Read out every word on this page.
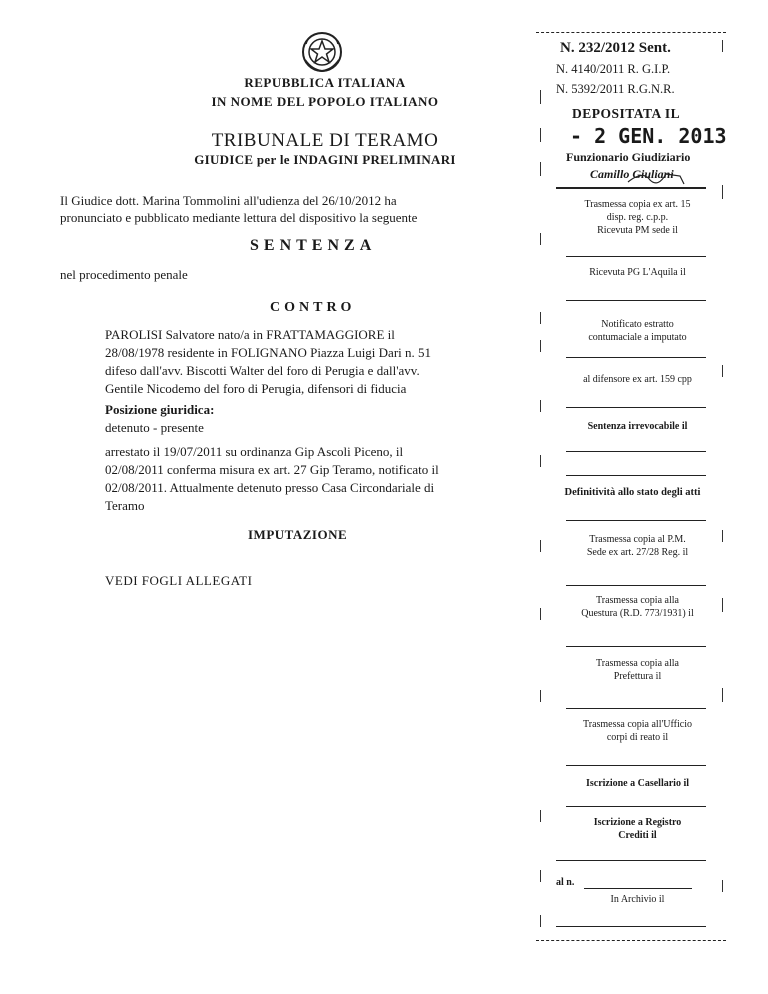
REPUBBLICA ITALIANA
IN NOME DEL POPOLO ITALIANO
TRIBUNALE DI TERAMO
GIUDICE per le INDAGINI PRELIMINARI
Il Giudice dott. Marina Tommolini all'udienza del 26/10/2012 ha
pronunciato e pubblicato mediante lettura del dispositivo la seguente
SENTENZA
nel procedimento penale
CONTRO
PAROLISI Salvatore nato/a in FRATTAMAGGIORE il
28/08/1978 residente in FOLIGNANO Piazza Luigi Dari n. 51
difeso dall'avv. Biscotti Walter del foro di Perugia e dall'avv.
Gentile Nicodemo del foro di Perugia, difensori di fiducia
Posizione giuridica:
detenuto - presente
arrestato il 19/07/2011 su ordinanza Gip Ascoli Piceno, il
02/08/2011 conferma misura ex art. 27 Gip Teramo, notificato il
02/08/2011. Attualmente detenuto presso Casa Circondariale di
Teramo
IMPUTAZIONE
VEDI FOGLI ALLEGATI
N. 232/2012 Sent.
N. 4140/2011 R. G.I.P.
N. 5392/2011 R.G.N.R.
DEPOSITATA IL
- 2 GEN. 2013
Funzionario Giudiziario
Camillo Giuliani
Trasmessa copia ex art. 15
disp. reg. c.p.p.
Ricevuta PM sede il
Ricevuta PG L'Aquila il
Notificato estratto
contumaciale a imputato
al difensore ex art. 159 cpp
Sentenza irrevocabile il
Definitività allo stato degli atti
Trasmessa copia al P.M.
Sede ex art. 27/28 Reg. il
Trasmessa copia alla
Questura (R.D. 773/1931) il
Trasmessa copia alla
Prefettura il
Trasmessa copia all'Ufficio
corpi di reato il
Iscrizione a Casellario il
Iscrizione a Registro
Crediti il
al n.
In Archivio il
